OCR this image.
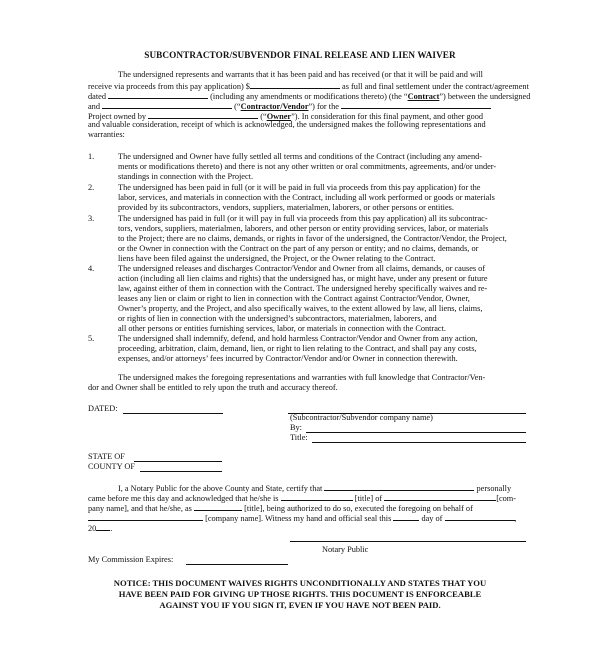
SUBCONTRACTOR/SUBVENDOR FINAL RELEASE AND LIEN WAIVER
The undersigned represents and warrants that it has been paid and has received (or that it will be paid and will
receive via proceeds from this pay application) $	as full and final settlement under the contract/agreement
dated	(including any amendments or modifications thereto) (the “Contract”) between the undersigned
and	(“Contractor/Vendor”) for the
Project owned by	(“Owner”). In consideration for this final payment, and other good
and valuable consideration, receipt of which is acknowledged, the undersigned makes the following representations and
warranties:
1.	The undersigned and Owner have fully settled all terms and conditions of the Contract (including any amend-
ments or modifications thereto) and there is not any other written or oral commitments, agreements, and/or under-
standings in connection with the Project.
2.	The undersigned has been paid in full (or it will be paid in full via proceeds from this pay application) for the
labor, services, and materials in connection with the Contract, including all work performed or goods or materials
provided by its subcontractors, vendors, suppliers, materialmen, laborers, or other persons or entities.
3.	The undersigned has paid in full (or it will pay in full via proceeds from this pay application) all its subcontrac-
tors, vendors, suppliers, materialmen, laborers, and other person or entity providing services, labor, or materials
to the Project; there are no claims, demands, or rights in favor of the undersigned, the Contractor/Vendor, the Project,
or the Owner in connection with the Contract on the part of any person or entity; and no claims, demands, or
liens have been filed against the undersigned, the Project, or the Owner relating to the Contract.
4.	The undersigned releases and discharges Contractor/Vendor and Owner from all claims, demands, or causes of
action (including all lien claims and rights) that the undersigned has, or might have, under any present or future
law, against either of them in connection with the Contract. The undersigned hereby specifically waives and re-
leases any lien or claim or right to lien in connection with the Contract against Contractor/Vendor, Owner,
Owner’s property, and the Project, and also specifically waives, to the extent allowed by law, all liens, claims,
or rights of lien in connection with the undersigned’s subcontractors, materialmen, laborers, and
all other persons or entities furnishing services, labor, or materials in connection with the Contract.
5.	The undersigned shall indemnify, defend, and hold harmless Contractor/Vendor and Owner from any action,
proceeding, arbitration, claim, demand, lien, or right to lien relating to the Contract, and shall pay any costs,
expenses, and/or attorneys’ fees incurred by Contractor/Vendor and/or Owner in connection therewith.
The undersigned makes the foregoing representations and warranties with full knowledge that Contractor/Ven-
dor and Owner shall be entitled to rely upon the truth and accuracy thereof.
DATED:
(Subcontractor/Subvendor company name)
By:
Title:
STATE OF
COUNTY OF
I, a Notary Public for the above County and State, certify that	personally
came before me this day and acknowledged that he/she is	[title] of	[com-
pany name], and that he/she, as	[title], being authorized to do so, executed the foregoing on behalf of
[company name]. Witness my hand and official seal this	day of	,
20 .
Notary Public
My Commission Expires:
NOTICE: THIS DOCUMENT WAIVES RIGHTS UNCONDITIONALLY AND STATES THAT YOU
HAVE BEEN PAID FOR GIVING UP THOSE RIGHTS. THIS DOCUMENT IS ENFORCEABLE
AGAINST YOU IF YOU SIGN IT, EVEN IF YOU HAVE NOT BEEN PAID.
